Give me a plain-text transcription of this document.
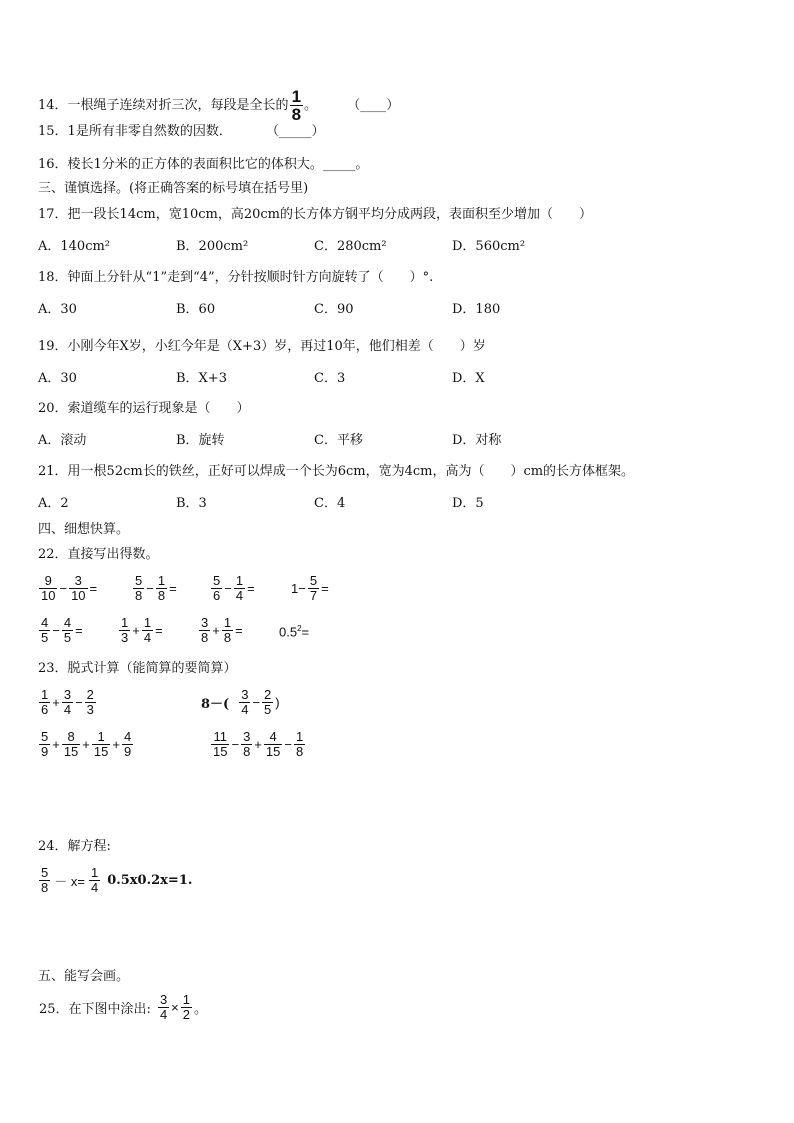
14．一根绳子连续对折三次，每段是全长的 $\frac{1}{8}$ 。 （____）
15．1是所有非零自然数的因数．	（_____）
16．棱长1分米的正方体的表面积比它的体积大。_____。
三、谨慎选择。(将正确答案的标号填在括号里)
17．把一段长14cm，宽10cm，高20cm的长方体方钢平均分成两段，表面积至少增加（　　）
A．140cm²	B．200cm²	C．280cm²	D．560cm²
18．钟面上分针从“1”走到“4”，分针按顺时针方向旋转了（　　）°.
A．30	B．60	C．90	D．180
19．小刚今年X岁，小红今年是（X+3）岁，再过10年，他们相差（　　）岁
A．30	B．X+3	C．3	D．X
20．索道缆车的运行现象是（　　）
A．滚动	B．旋转	C．平移	D．对称
21．用一根52cm长的铁丝，正好可以焊成一个长为6cm，宽为4cm，高为（　　）cm的长方体框架。
A．2	B．3	C．4	D．5
四、细想快算。
22．直接写出得数。
$\frac{9}{10} - \frac{3}{10}$ =	$\frac{5}{8} - \frac{1}{8}$ =	$\frac{5}{6} - \frac{1}{4}$ =	$1- \frac{5}{7}$ =
$\frac{4}{5} - \frac{4}{5}$ =	$\frac{1}{3} + \frac{1}{4}$ =	$\frac{3}{8} + \frac{1}{8}$ =	$0.5^2=$
23．脱式计算（能简算的要简算）
$\frac{1}{6} + \frac{3}{4} - \frac{2}{3}$	$8-( \frac{3}{4} - \frac{2}{5}$ )
$\frac{5}{9} + \frac{8}{15} + \frac{1}{15} + \frac{4}{9}$	$\frac{11}{15} - \frac{3}{8} + \frac{4}{15} - \frac{1}{8}$
24．解方程:
$\frac{5}{8} - x= \frac{1}{4} 0.5x0.2x=1$.
五、能写会画。
25．在下图中涂出: $\frac{3}{4} \times \frac{1}{2}$ 。
